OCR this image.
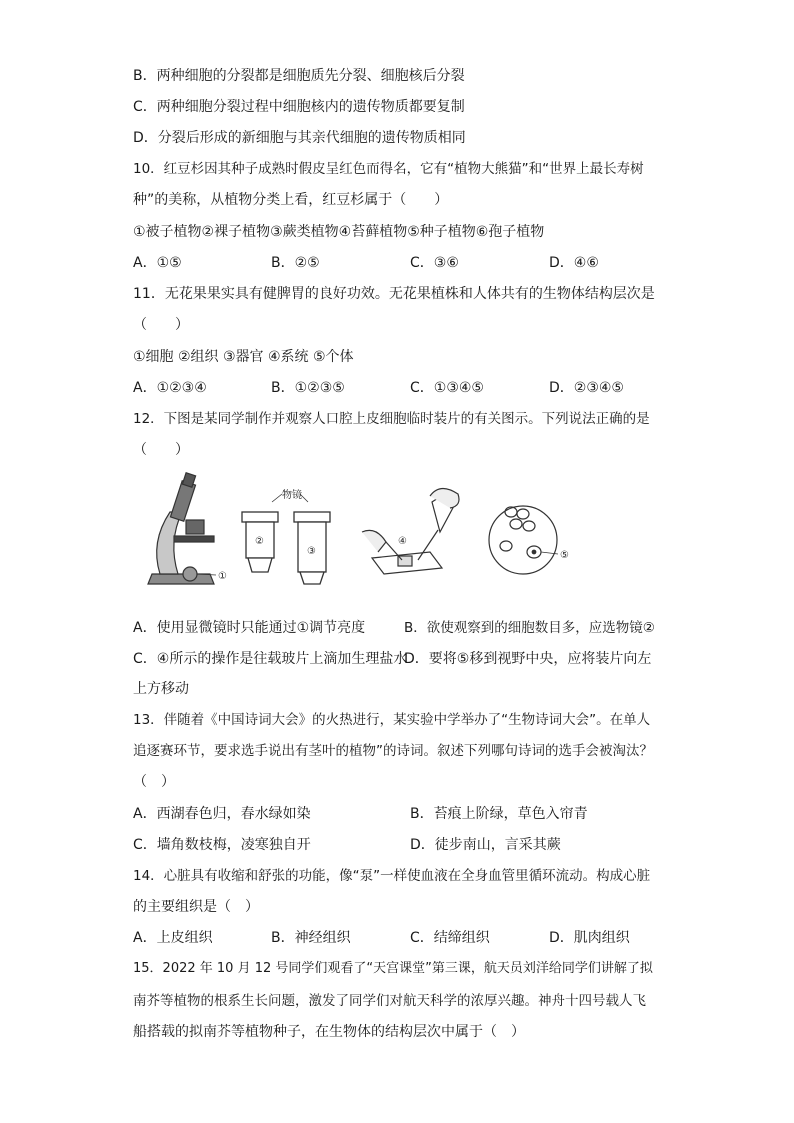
B．两种细胞的分裂都是细胞质先分裂、细胞核后分裂
C．两种细胞分裂过程中细胞核内的遗传物质都要复制
D．分裂后形成的新细胞与其亲代细胞的遗传物质相同
10．红豆杉因其种子成熟时假皮呈红色而得名，它有“植物大熊猫”和“世界上最长寿树
种”的美称，从植物分类上看，红豆杉属于（　　）
①被子植物②裸子植物③蕨类植物④苔藓植物⑤种子植物⑥孢子植物
A．①⑤	B．②⑤	C．③⑥	D．④⑥
11．无花果果实具有健脾胃的良好功效。无花果植株和人体共有的生物体结构层次是
（　　）
①细胞 ②组织 ③器官 ④系统 ⑤个体
A．①②③④	B．①②③⑤	C．①③④⑤	D．②③④⑤
12．下图是某同学制作并观察人口腔上皮细胞临时装片的有关图示。下列说法正确的是
（　　）
①
物镜
②
③
④
⑤
A．使用显微镜时只能通过①调节亮度	B．欲使观察到的细胞数目多，应选物镜②
C．④所示的操作是往载玻片上滴加生理盐水
D．要将⑤移到视野中央，应将装片向左
上方移动
13．伴随着《中国诗词大会》的火热进行，某实验中学举办了“生物诗词大会”。在单人
追逐赛环节，要求选手说出有茎叶的植物”的诗词。叙述下列哪句诗词的选手会被淘汰？
（　）
A．西湖春色归，春水绿如染	B．苔痕上阶绿，草色入帘青
C．墙角数枝梅，凌寒独自开	D．徒步南山，言采其蕨
14．心脏具有收缩和舒张的功能，像“泵”一样使血液在全身血管里循环流动。构成心脏
的主要组织是（　）
A．上皮组织	B．神经组织	C．结缔组织	D．肌肉组织
15．2022 年 10 月 12 号同学们观看了“天宫课堂”第三课，航天员刘洋给同学们讲解了拟
南芥等植物的根系生长问题，激发了同学们对航天科学的浓厚兴趣。神舟十四号载人飞
船搭载的拟南芥等植物种子，在生物体的结构层次中属于（　）
